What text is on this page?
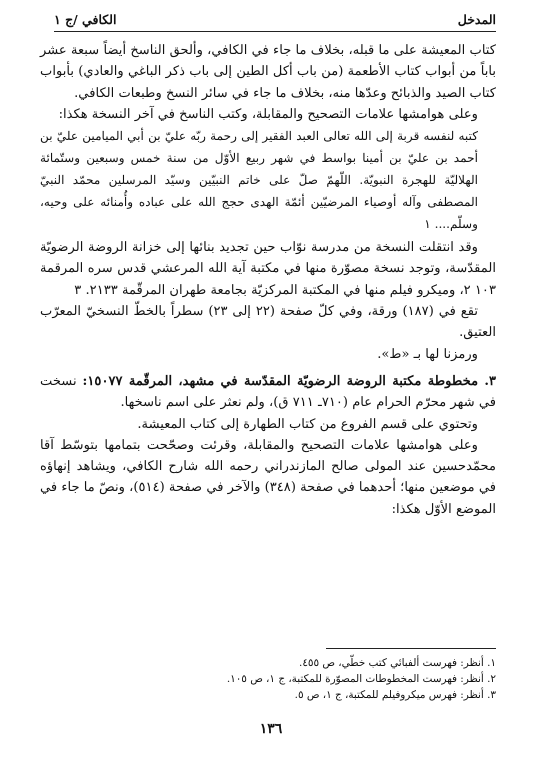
المدخل
الكافي /ج ١

كتاب المعيشة على ما قبله، بخلاف ما جاء في الكافي، وألحق الناسخ أيضاً سبعة عشر باباً من أبواب كتاب الأطعمة (من باب أكل الطين إلى باب ذكر الباغي والعادي) بأبواب كتاب الصيد والذبائح وعدّها منه، بخلاف ما جاء في سائر النسخ وطبعات الكافي.

وعلى هوامشها علامات التصحيح والمقابلة، وكتب الناسخ في آخر النسخة هكذا:

كتبه لنفسه قربة إلى الله تعالى العبد الفقير إلى رحمة ربّه عليّ بن أبي الميامين عليّ بن أحمد بن عليّ بن أمينا بواسط في شهر ربيع الأوّل من سنة خمس وسبعين وستّمائة الهلاليّة للهجرة النبويّة. اللّهمّ صلّ على خاتم النبيّين وسيّد المرسلين محمّد النبيّ المصطفى وآله أوصياء المرضيّين أئمّة الهدى حجج الله على عباده وأُمنائه على وحيه، وسلّم.... ١

وقد انتقلت النسخة من مدرسة نوّاب حين تجديد بنائها إلى خزانة الروضة الرضويّة المقدّسة، وتوجد نسخة مصوّرة منها في مكتبة آية الله المرعشي قدس سره المرقمة ١٠٣ ٢، وميكرو فيلم منها في المكتبة المركزيّة بجامعة طهران المرقّمة ٢١٣٣. ٣

تقع في (١٨٧) ورقة، وفي كلّ صفحة (٢٢ إلى ٢٣) سطراً بالخطّ النسخيّ المعرّب العتيق.

ورمزنا لها بـ «ط».

٣. مخطوطة مكتبة الروضة الرضويّة المقدّسة في مشهد، المرقّمة ١٥٠٧٧: نسخت في شهر محرّم الحرام عام (٧١٠ـ ٧١١ ق)، ولم نعثر على اسم ناسخها.

وتحتوي على قسم الفروع من كتاب الطهارة إلى كتاب المعيشة.

وعلى هوامشها علامات التصحيح والمقابلة، وقرئت وصحّحت بتمامها بتوسّط آقا محمّدحسين عند المولى صالح المازندراني رحمه الله شارح الكافي، ويشاهد إنهاؤه في موضعين منها؛ أحدهما في صفحة (٣٤٨) والآخر في صفحة (٥١٤)، ونصّ ما جاء في الموضع الأوّل هكذا:

١. أنظر: فهرست ألفبائي كتب خطّي، ص ٤٥٥.

٢. أنظر: فهرست المخطوطات المصوّرة للمكتبة، ج ١، ص ١٠٥.

٣. أنظر: فهرس ميكروفيلم للمكتبة، ج ١، ص ٥.

١٣٦
